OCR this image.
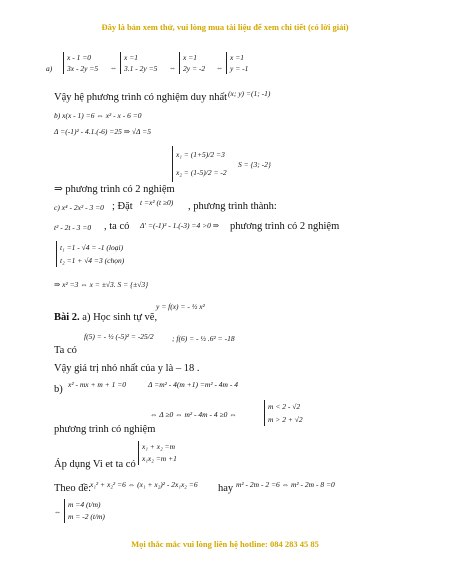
Đây là bản xem thử, vui lòng mua tài liệu để xem chi tiết (có lời giải)
a)
x - 1 =0
3x - 2y =5 ⇔
x =1
3.1 - 2y =5 ⇔
x =1
2y = -2 ⇔
x =1
y = -1
Vậy hệ phương trình có nghiệm duy nhất (x; y) =(1; -1)
b) x(x - 1) =6 ⇔ x² - x - 6 =0
Δ =(-1)² - 4.1.(-6) =25 ⇒ √Δ =5
x₁ = (1+5)/2 =3
x₂ = (1-5)/2 = -2
S = {3; -2}
⇒ phương trình có 2 nghiệm
c) x⁴ - 2x² - 3 =0 ; Đặt t =x² (t ≥0) , phương trình thành:
t² - 2t - 3 =0 , ta có Δ' =(-1)² - 1.(-3) =4 >0 ⇒ phương trình có 2 nghiệm
t₁ =1 - √4 = -1 (loại)
t₂ =1 + √4 =3 (chọn)
⇒ x² =3 ⇔ x = ±√3. S = {±√3}
y = f(x) = - ½ x²
Bài 2. a) Học sinh tự vẽ,
f(5) = - ½ (-5)² = -25/2 ; f(6) = - ½ .6² = -18
Ta có
Vậy giá trị nhỏ nhất của y là – 18 .
b) x² - mx + m + 1 =0	Δ =m² - 4(m +1) =m² - 4m - 4
⇔ Δ ≥0 ⇔ m² - 4m - 4 ≥0 ⇔
m < 2 - √2
m > 2 + √2
phương trình có nghiệm
x₁ + x₂ =m
x₁x₂ =m +1
Áp dụng Vi et ta có
Theo đề:
x₁² + x₂² =6 ⇔ (x₁ + x₂)² - 2x₁x₂ =6 hay m² - 2m - 2 =6 ⇔ m² - 2m - 8 =0
⇔
m =4 (t/m)
m = -2 (t/m)
Mọi thắc mắc vui lòng liên hệ hotline: 084 283 45 85
